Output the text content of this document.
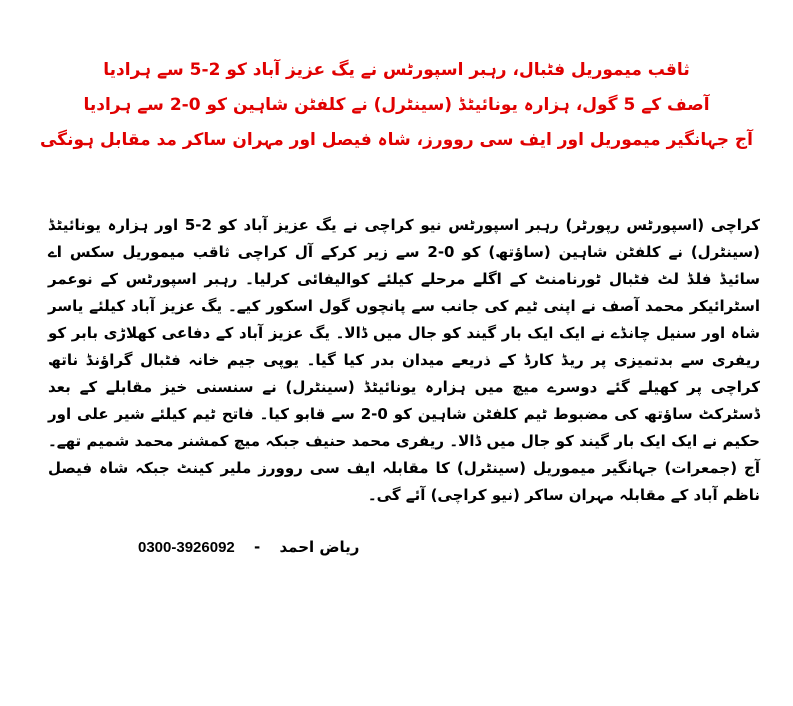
ثاقب میموریل فٹبال، رہبر اسپورٹس نے یگ عزیز آباد کو 2-5 سے ہرادیا
آصف کے 5 گول، ہزارہ یونائیٹڈ (سینٹرل) نے کلفٹن شاہین کو 0-2 سے ہرادیا
آج جہانگیر میموریل اور ایف سی روورز، شاہ فیصل اور مہران ساکر مد مقابل ہونگی

کراچی (اسپورٹس رپورٹر) رہبر اسپورٹس نیو کراچی نے یگ عزیز آباد کو 2-5 اور ہزارہ یونائیٹڈ (سینٹرل) نے کلفٹن شاہین (ساؤتھ) کو 0-2 سے زیر کرکے آل کراچی ثاقب میموریل سکس اے سائیڈ فلڈ لٹ فٹبال ٹورنامنٹ کے اگلے مرحلے کیلئے کوالیفائی کرلیا۔ رہبر اسپورٹس کے نوعمر اسٹرائیکر محمد آصف نے اپنی ٹیم کی جانب سے پانچوں گول اسکور کیے۔ یگ عزیز آباد کیلئے یاسر شاہ اور سنیل چانڈے نے ایک ایک بار گیند کو جال میں ڈالا۔ یگ عزیز آباد کے دفاعی کھلاڑی بابر کو ریفری سے بدتمیزی پر ریڈ کارڈ کے ذریعے میدان بدر کیا گیا۔ یوپی جیم خانہ فٹبال گراؤنڈ ناتھ کراچی پر کھیلے گئے دوسرے میچ میں ہزارہ یونائیٹڈ (سینٹرل) نے سنسنی خیز مقابلے کے بعد ڈسٹرکٹ ساؤتھ کی مضبوط ٹیم کلفٹن شاہین کو 0-2 سے قابو کیا۔ فاتح ٹیم کیلئے شیر علی اور حکیم نے ایک ایک بار گیند کو جال میں ڈالا۔ ریفری محمد حنیف جبکہ میچ کمشنر محمد شمیم تھے۔ آج (جمعرات) جہانگیر میموریل (سینٹرل) کا مقابلہ ایف سی روورز ملیر کینٹ جبکہ شاہ فیصل ناظم آباد کے مقابلہ مہران ساکر (نیو کراچی) آئے گی۔

0300-3926092 - ریاض احمد
